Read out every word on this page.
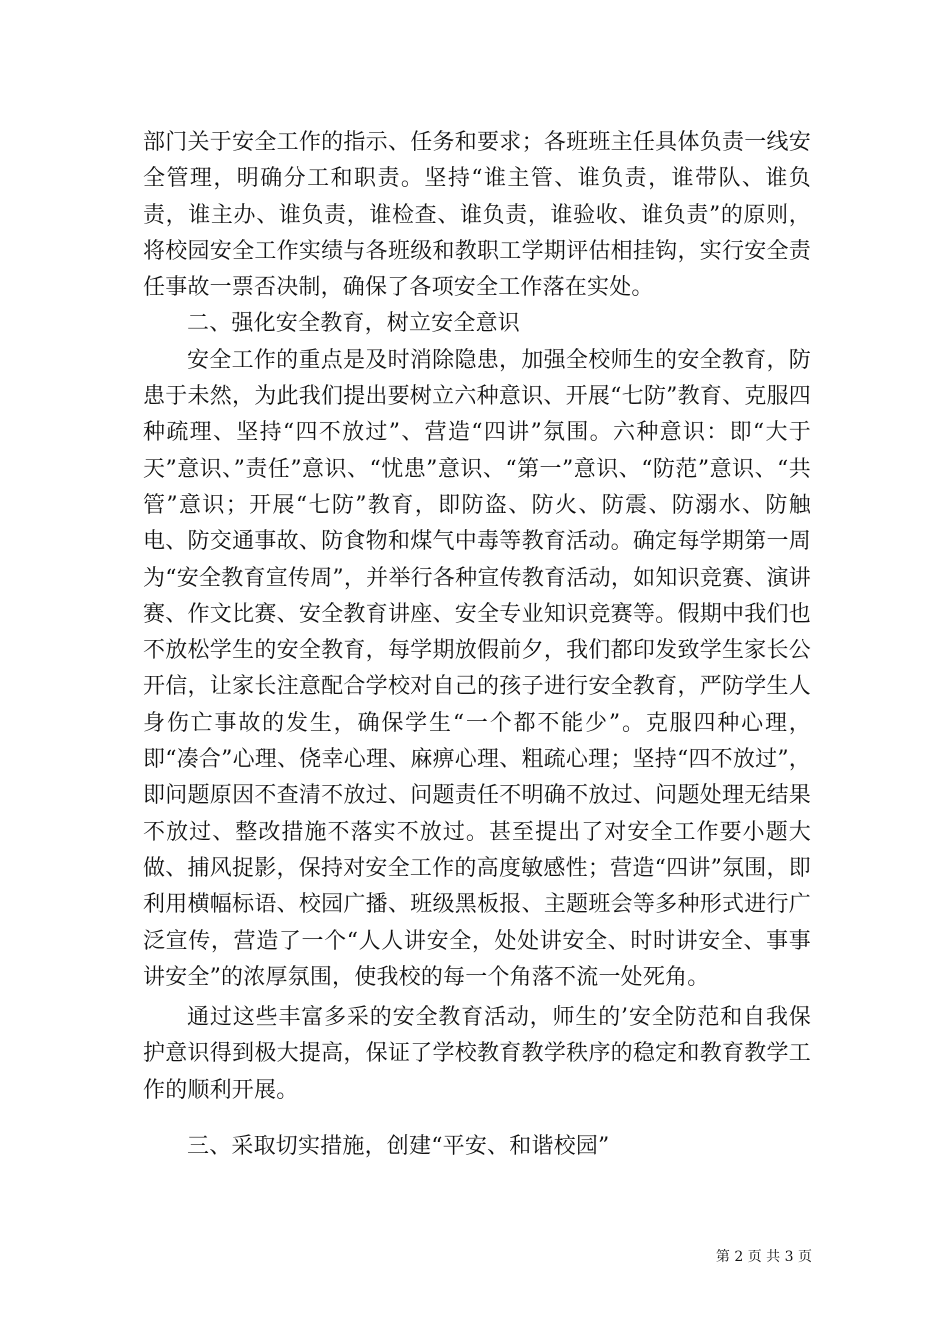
部门关于安全工作的指示、任务和要求；各班班主任具体负责一线安全管理，明确分工和职责。坚持“谁主管、谁负责，谁带队、谁负责，谁主办、谁负责，谁检查、谁负责，谁验收、谁负责”的原则，将校园安全工作实绩与各班级和教职工学期评估相挂钩，实行安全责任事故一票否决制，确保了各项安全工作落在实处。

二、强化安全教育，树立安全意识

安全工作的重点是及时消除隐患，加强全校师生的安全教育，防患于未然，为此我们提出要树立六种意识、开展“七防”教育、克服四种疏理、坚持“四不放过”、营造“四讲”氛围。六种意识：即“大于天”意识、”责任”意识、“忧患”意识、“第一”意识、“防范”意识、“共管”意识；开展“七防”教育，即防盗、防火、防震、防溺水、防触电、防交通事故、防食物和煤气中毒等教育活动。确定每学期第一周为“安全教育宣传周”，并举行各种宣传教育活动，如知识竞赛、演讲赛、作文比赛、安全教育讲座、安全专业知识竞赛等。假期中我们也不放松学生的安全教育，每学期放假前夕，我们都印发致学生家长公开信，让家长注意配合学校对自己的孩子进行安全教育，严防学生人身伤亡事故的发生，确保学生“一个都不能少”。克服四种心理，即“凑合”心理、侥幸心理、麻痹心理、粗疏心理；坚持“四不放过”，即问题原因不查清不放过、问题责任不明确不放过、问题处理无结果不放过、整改措施不落实不放过。甚至提出了对安全工作要小题大做、捕风捉影，保持对安全工作的高度敏感性；营造“四讲”氛围，即利用横幅标语、校园广播、班级黑板报、主题班会等多种形式进行广泛宣传，营造了一个“人人讲安全，处处讲安全、时时讲安全、事事讲安全”的浓厚氛围，使我校的每一个角落不流一处死角。

通过这些丰富多采的安全教育活动，师生的’安全防范和自我保护意识得到极大提高，保证了学校教育教学秩序的稳定和教育教学工作的顺利开展。

三、采取切实措施，创建“平安、和谐校园”

第 2 页 共 3 页
